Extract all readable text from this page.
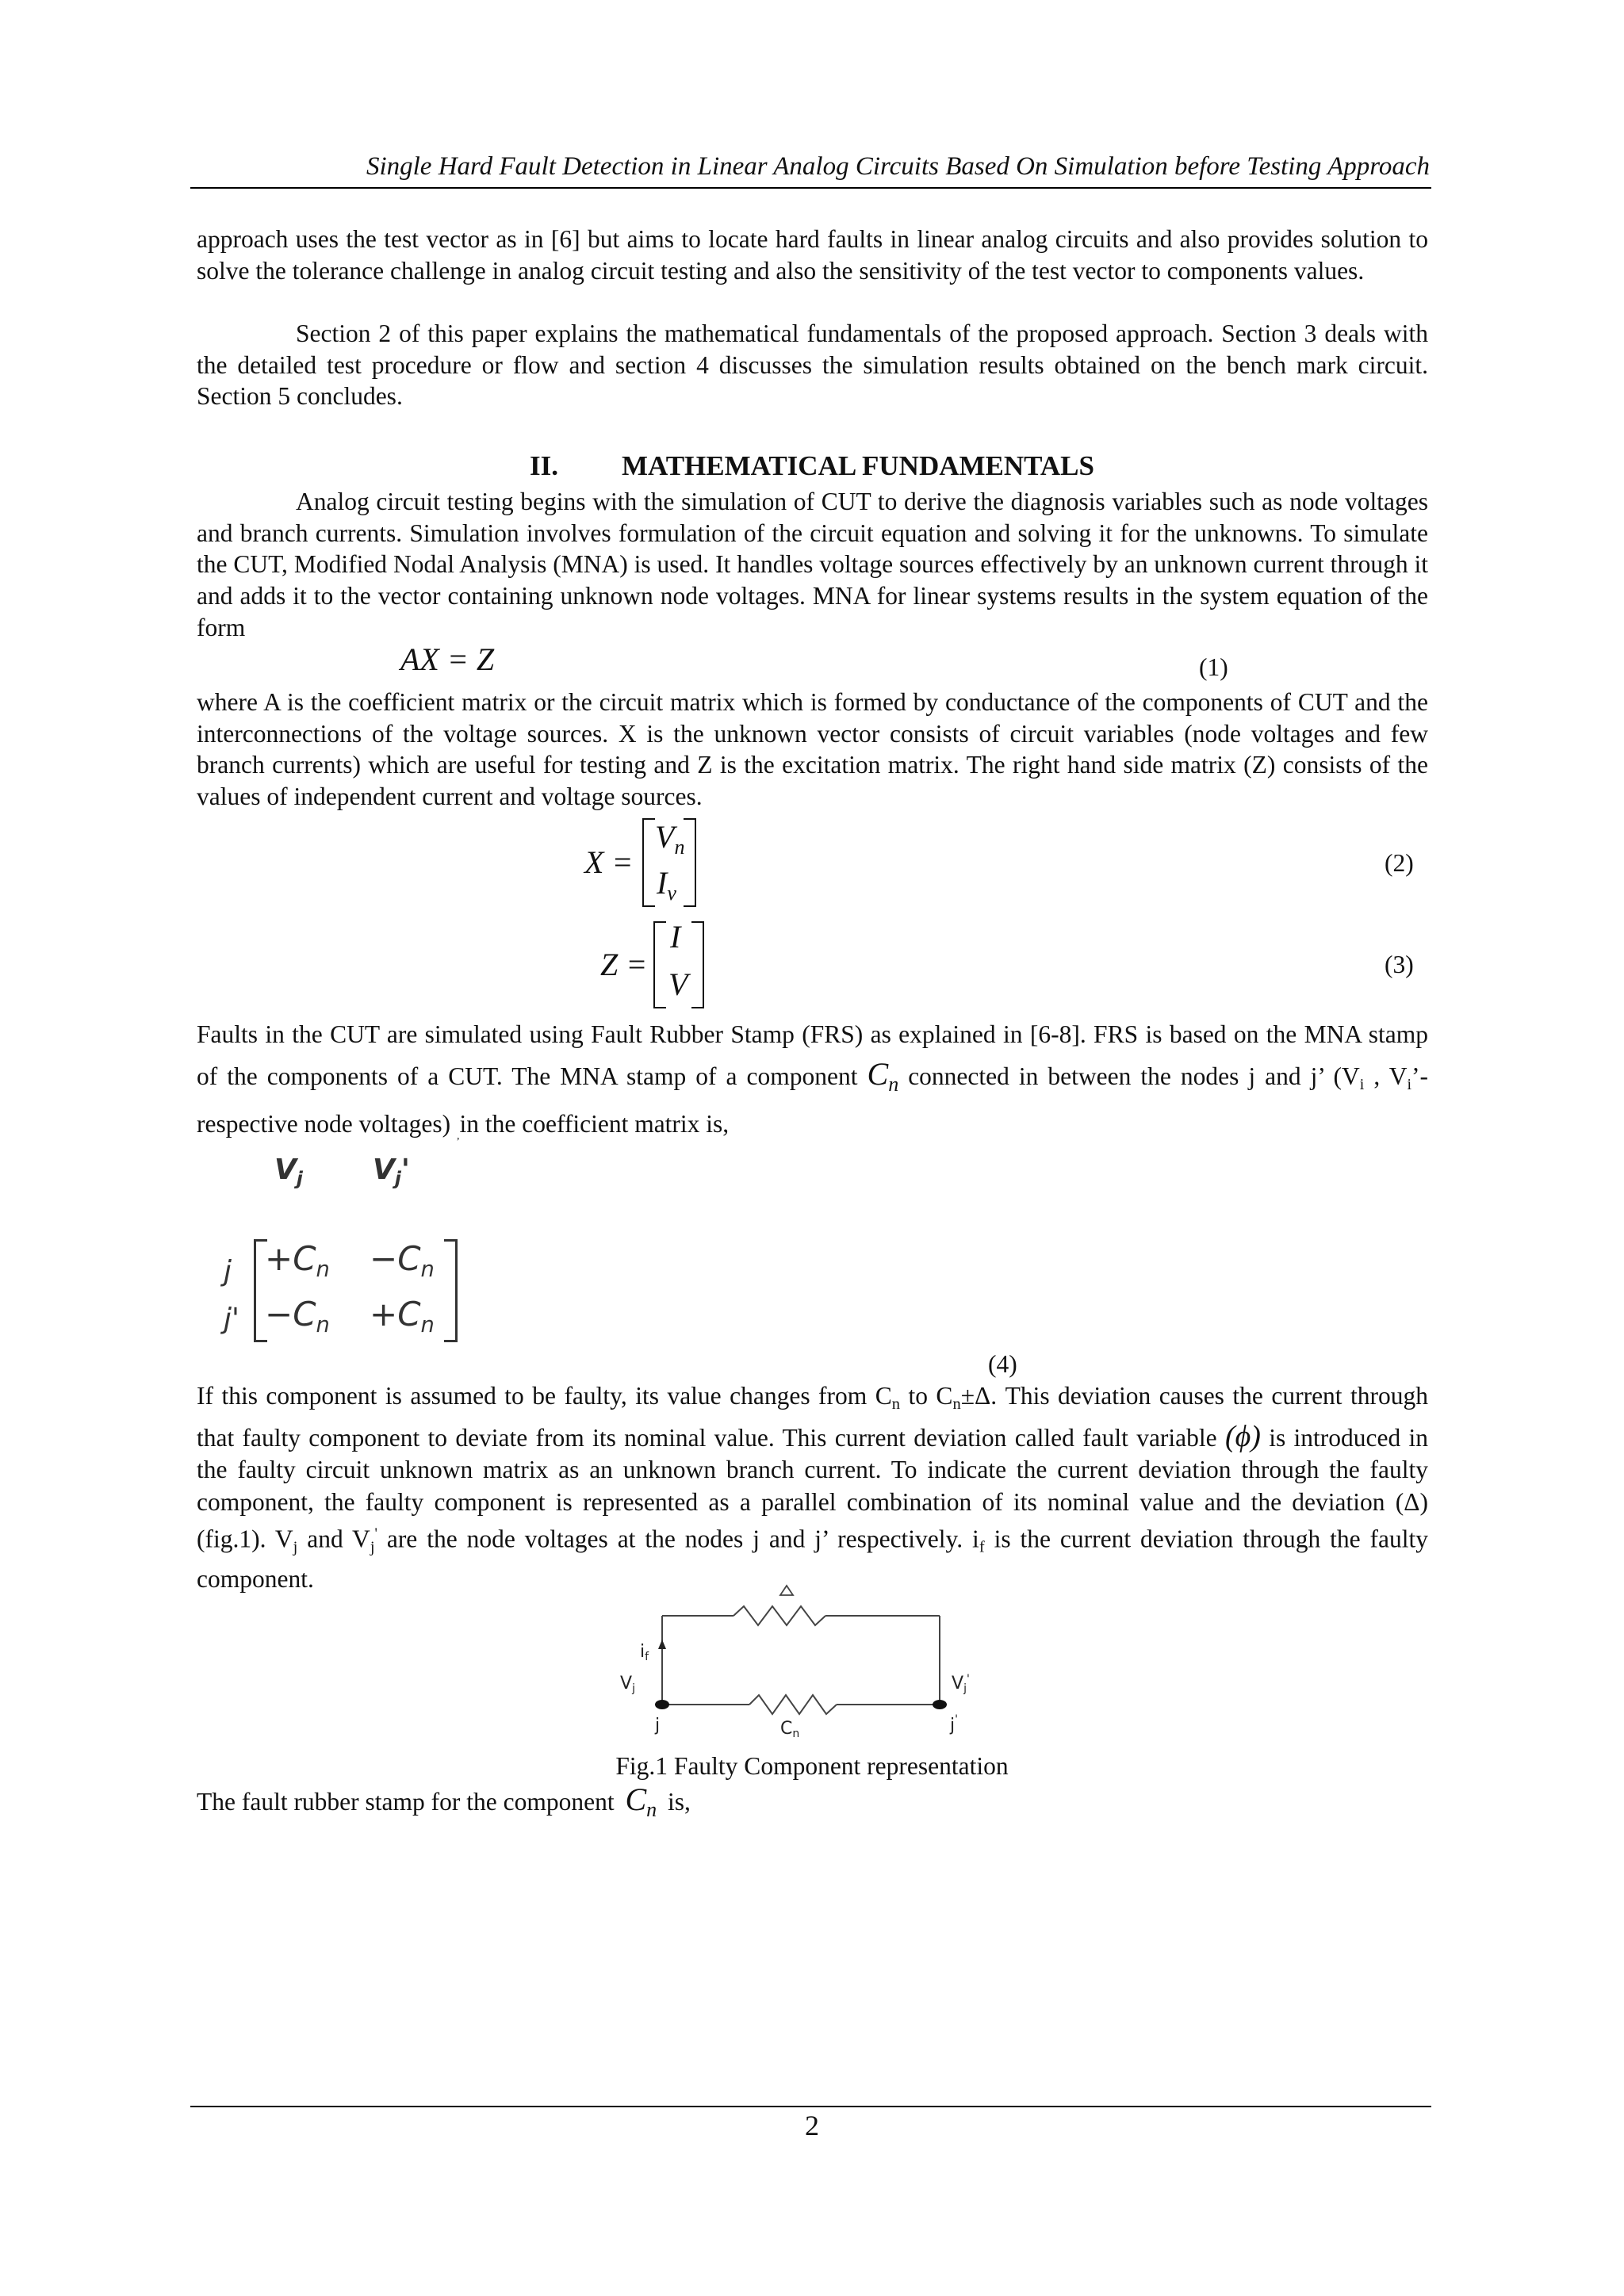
Single Hard Fault Detection in Linear Analog Circuits Based On Simulation before Testing Approach

approach uses the test vector as in [6] but aims to locate hard faults in linear analog circuits and also provides solution to solve the tolerance challenge in analog circuit testing and also the sensitivity of the test vector to components values.

Section 2 of this paper explains the mathematical fundamentals of the proposed approach. Section 3 deals with the detailed test procedure or flow and section 4 discusses the simulation results obtained on the bench mark circuit. Section 5 concludes.

II. MATHEMATICAL FUNDAMENTALS

Analog circuit testing begins with the simulation of CUT to derive the diagnosis variables such as node voltages and branch currents. Simulation involves formulation of the circuit equation and solving it for the unknowns. To simulate the CUT, Modified Nodal Analysis (MNA) is used. It handles voltage sources effectively by an unknown current through it and adds it to the vector containing unknown node voltages. MNA for linear systems results in the system equation of the form

AX = Z	(1)

where A is the coefficient matrix or the circuit matrix which is formed by conductance of the components of CUT and the interconnections of the voltage sources. X is the unknown vector consists of circuit variables (node voltages and few branch currents) which are useful for testing and Z is the excitation matrix. The right hand side matrix (Z) consists of the values of independent current and voltage sources.

X =
$V_n$
$I_v$
(2)
Z =
I
V
(3)

Faults in the CUT are simulated using Fault Rubber Stamp (FRS) as explained in [6-8]. FRS is based on the MNA stamp of the components of a CUT. The MNA stamp of a component $C_n$ connected in between the nodes j and j’ ($V_i$ , $V_i’-$ respective node voltages) $_,$in the coefficient matrix is,

$V_j$	$V_j'$
j
j'
$+C_n$	$-C_n$
$-C_n$	$+C_n$
(4)

If this component is assumed to be faulty, its value changes from $C_n$ to $C_n\pm\Delta$. This deviation causes the current through that faulty component to deviate from its nominal value. This current deviation called fault variable (ϕ) is introduced in the faulty circuit unknown matrix as an unknown branch current. To indicate the current deviation through the faulty component, the faulty component is represented as a parallel combination of its nominal value and the deviation (Δ) (fig.1). $V_j$ and $V_j'$ are the node voltages at the nodes j and j’ respectively. $i_f$ is the current deviation through the faulty component.

if
Vj	Vj'
j	j'
Cn
Fig.1 Faulty Component representation

The fault rubber stamp for the component $C_n$ is,

2
